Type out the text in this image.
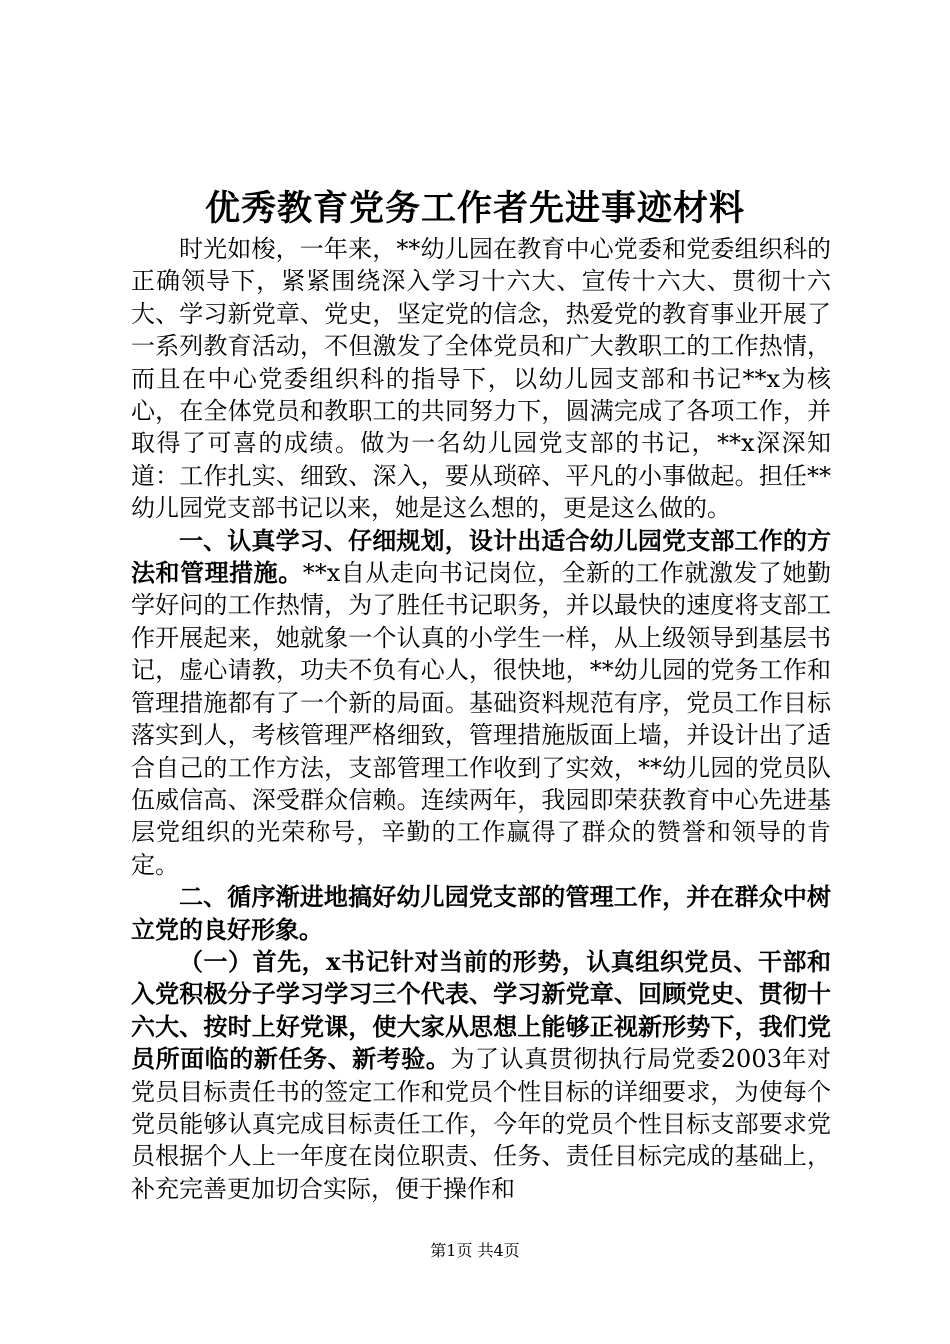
优秀教育党务工作者先进事迹材料

时光如梭，一年来，**幼儿园在教育中心党委和党委组织科的正确领导下，紧紧围绕深入学习十六大、宣传十六大、贯彻十六大、学习新党章、党史，坚定党的信念，热爱党的教育事业开展了一系列教育活动，不但激发了全体党员和广大教职工的工作热情，而且在中心党委组织科的指导下，以幼儿园支部和书记**x为核心，在全体党员和教职工的共同努力下，圆满完成了各项工作，并取得了可喜的成绩。做为一名幼儿园党支部的书记，**x深深知道：工作扎实、细致、深入，要从琐碎、平凡的小事做起。担任**幼儿园党支部书记以来，她是这么想的，更是这么做的。

一、认真学习、仔细规划，设计出适合幼儿园党支部工作的方法和管理措施。**x自从走向书记岗位，全新的工作就激发了她勤学好问的工作热情，为了胜任书记职务，并以最快的速度将支部工作开展起来，她就象一个认真的小学生一样，从上级领导到基层书记，虚心请教，功夫不负有心人，很快地，**幼儿园的党务工作和管理措施都有了一个新的局面。基础资料规范有序，党员工作目标落实到人，考核管理严格细致，管理措施版面上墙，并设计出了适合自己的工作方法，支部管理工作收到了实效，**幼儿园的党员队伍威信高、深受群众信赖。连续两年，我园即荣获教育中心先进基层党组织的光荣称号，辛勤的工作赢得了群众的赞誉和领导的肯定。

二、循序渐进地搞好幼儿园党支部的管理工作，并在群众中树立党的良好形象。

（一）首先，x书记针对当前的形势，认真组织党员、干部和入党积极分子学习学习三个代表、学习新党章、回顾党史、贯彻十六大、按时上好党课，使大家从思想上能够正视新形势下，我们党员所面临的新任务、新考验。为了认真贯彻执行局党委2003年对党员目标责任书的签定工作和党员个性目标的详细要求，为使每个党员能够认真完成目标责任工作，今年的党员个性目标支部要求党员根据个人上一年度在岗位职责、任务、责任目标完成的基础上，补充完善更加切合实际，便于操作和

第1页 共4页
